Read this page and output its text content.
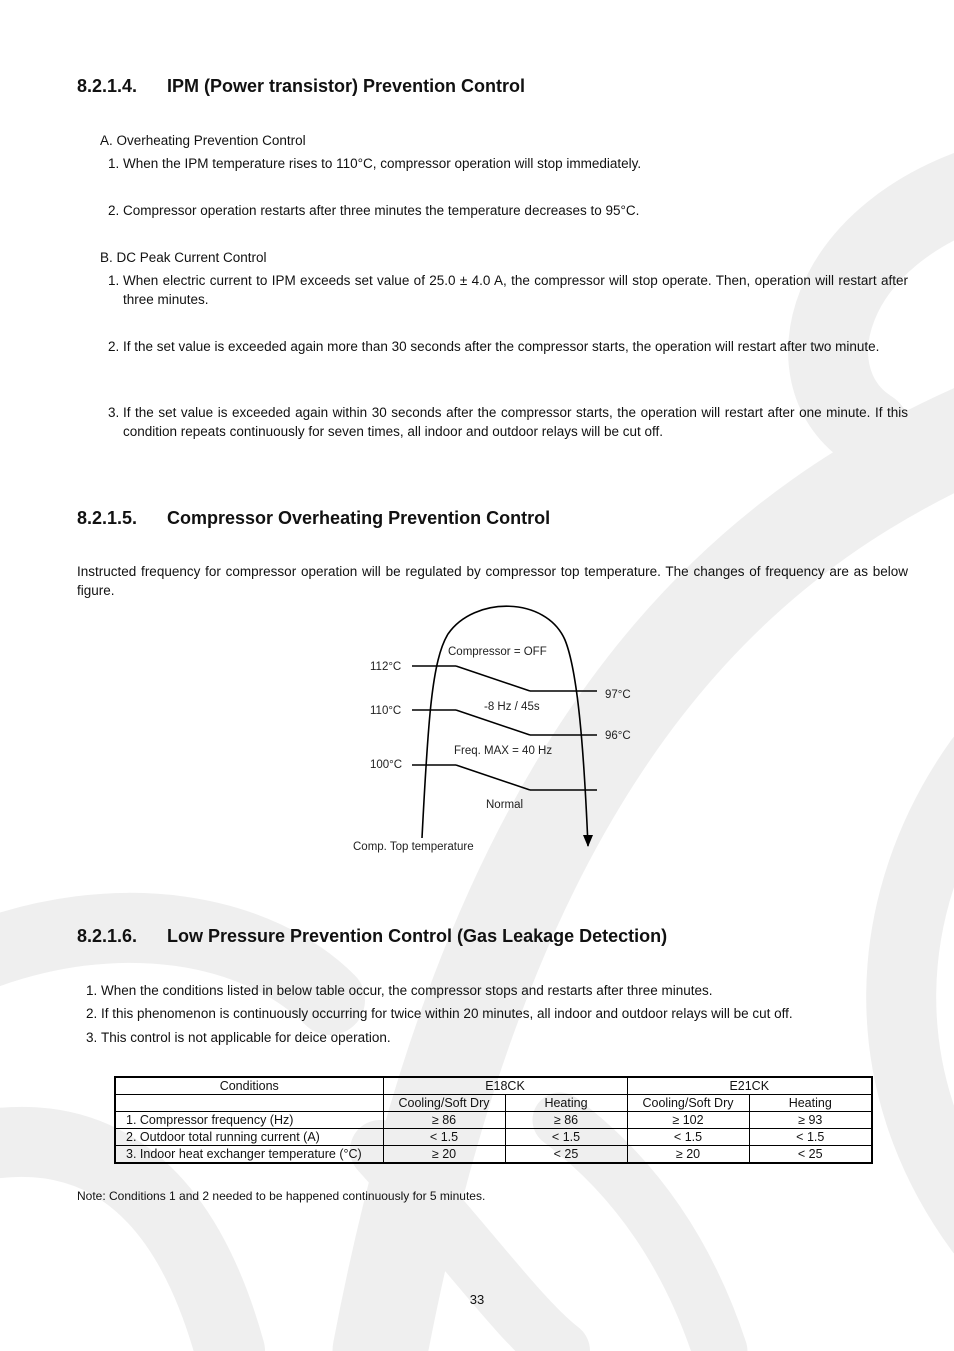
8.2.1.4. IPM (Power transistor) Prevention Control
A. Overheating Prevention Control
1. When the IPM temperature rises to 110°C, compressor operation will stop immediately.
2. Compressor operation restarts after three minutes the temperature decreases to 95°C.
B. DC Peak Current Control
1. When electric current to IPM exceeds set value of 25.0 ± 4.0 A, the compressor will stop operate. Then, operation will restart after three minutes.
2. If the set value is exceeded again more than 30 seconds after the compressor starts, the operation will restart after two minute.
3. If the set value is exceeded again within 30 seconds after the compressor starts, the operation will restart after one minute. If this condition repeats continuously for seven times, all indoor and outdoor relays will be cut off.
8.2.1.5. Compressor Overheating Prevention Control
Instructed frequency for compressor operation will be regulated by compressor top temperature. The changes of frequency are as below figure.
112°C
110°C
100°C
97°C
96°C
Compressor = OFF
-8 Hz / 45s
Freq. MAX = 40 Hz
Normal
Comp. Top temperature
8.2.1.6. Low Pressure Prevention Control (Gas Leakage Detection)
1. When the conditions listed in below table occur, the compressor stops and restarts after three minutes.
2. If this phenomenon is continuously occurring for twice within 20 minutes, all indoor and outdoor relays will be cut off.
3. This control is not applicable for deice operation.
Conditions	E18CK		E21CK	
	Cooling/Soft Dry	Heating	Cooling/Soft Dry	Heating
1. Compressor frequency (Hz)	≥ 86	≥ 86	≥ 102	≥ 93
2. Outdoor total running current (A)	< 1.5	< 1.5	< 1.5	< 1.5
3. Indoor heat exchanger temperature (°C)	≥ 20	< 25	≥ 20	< 25
Note: Conditions 1 and 2 needed to be happened continuously for 5 minutes.
33
